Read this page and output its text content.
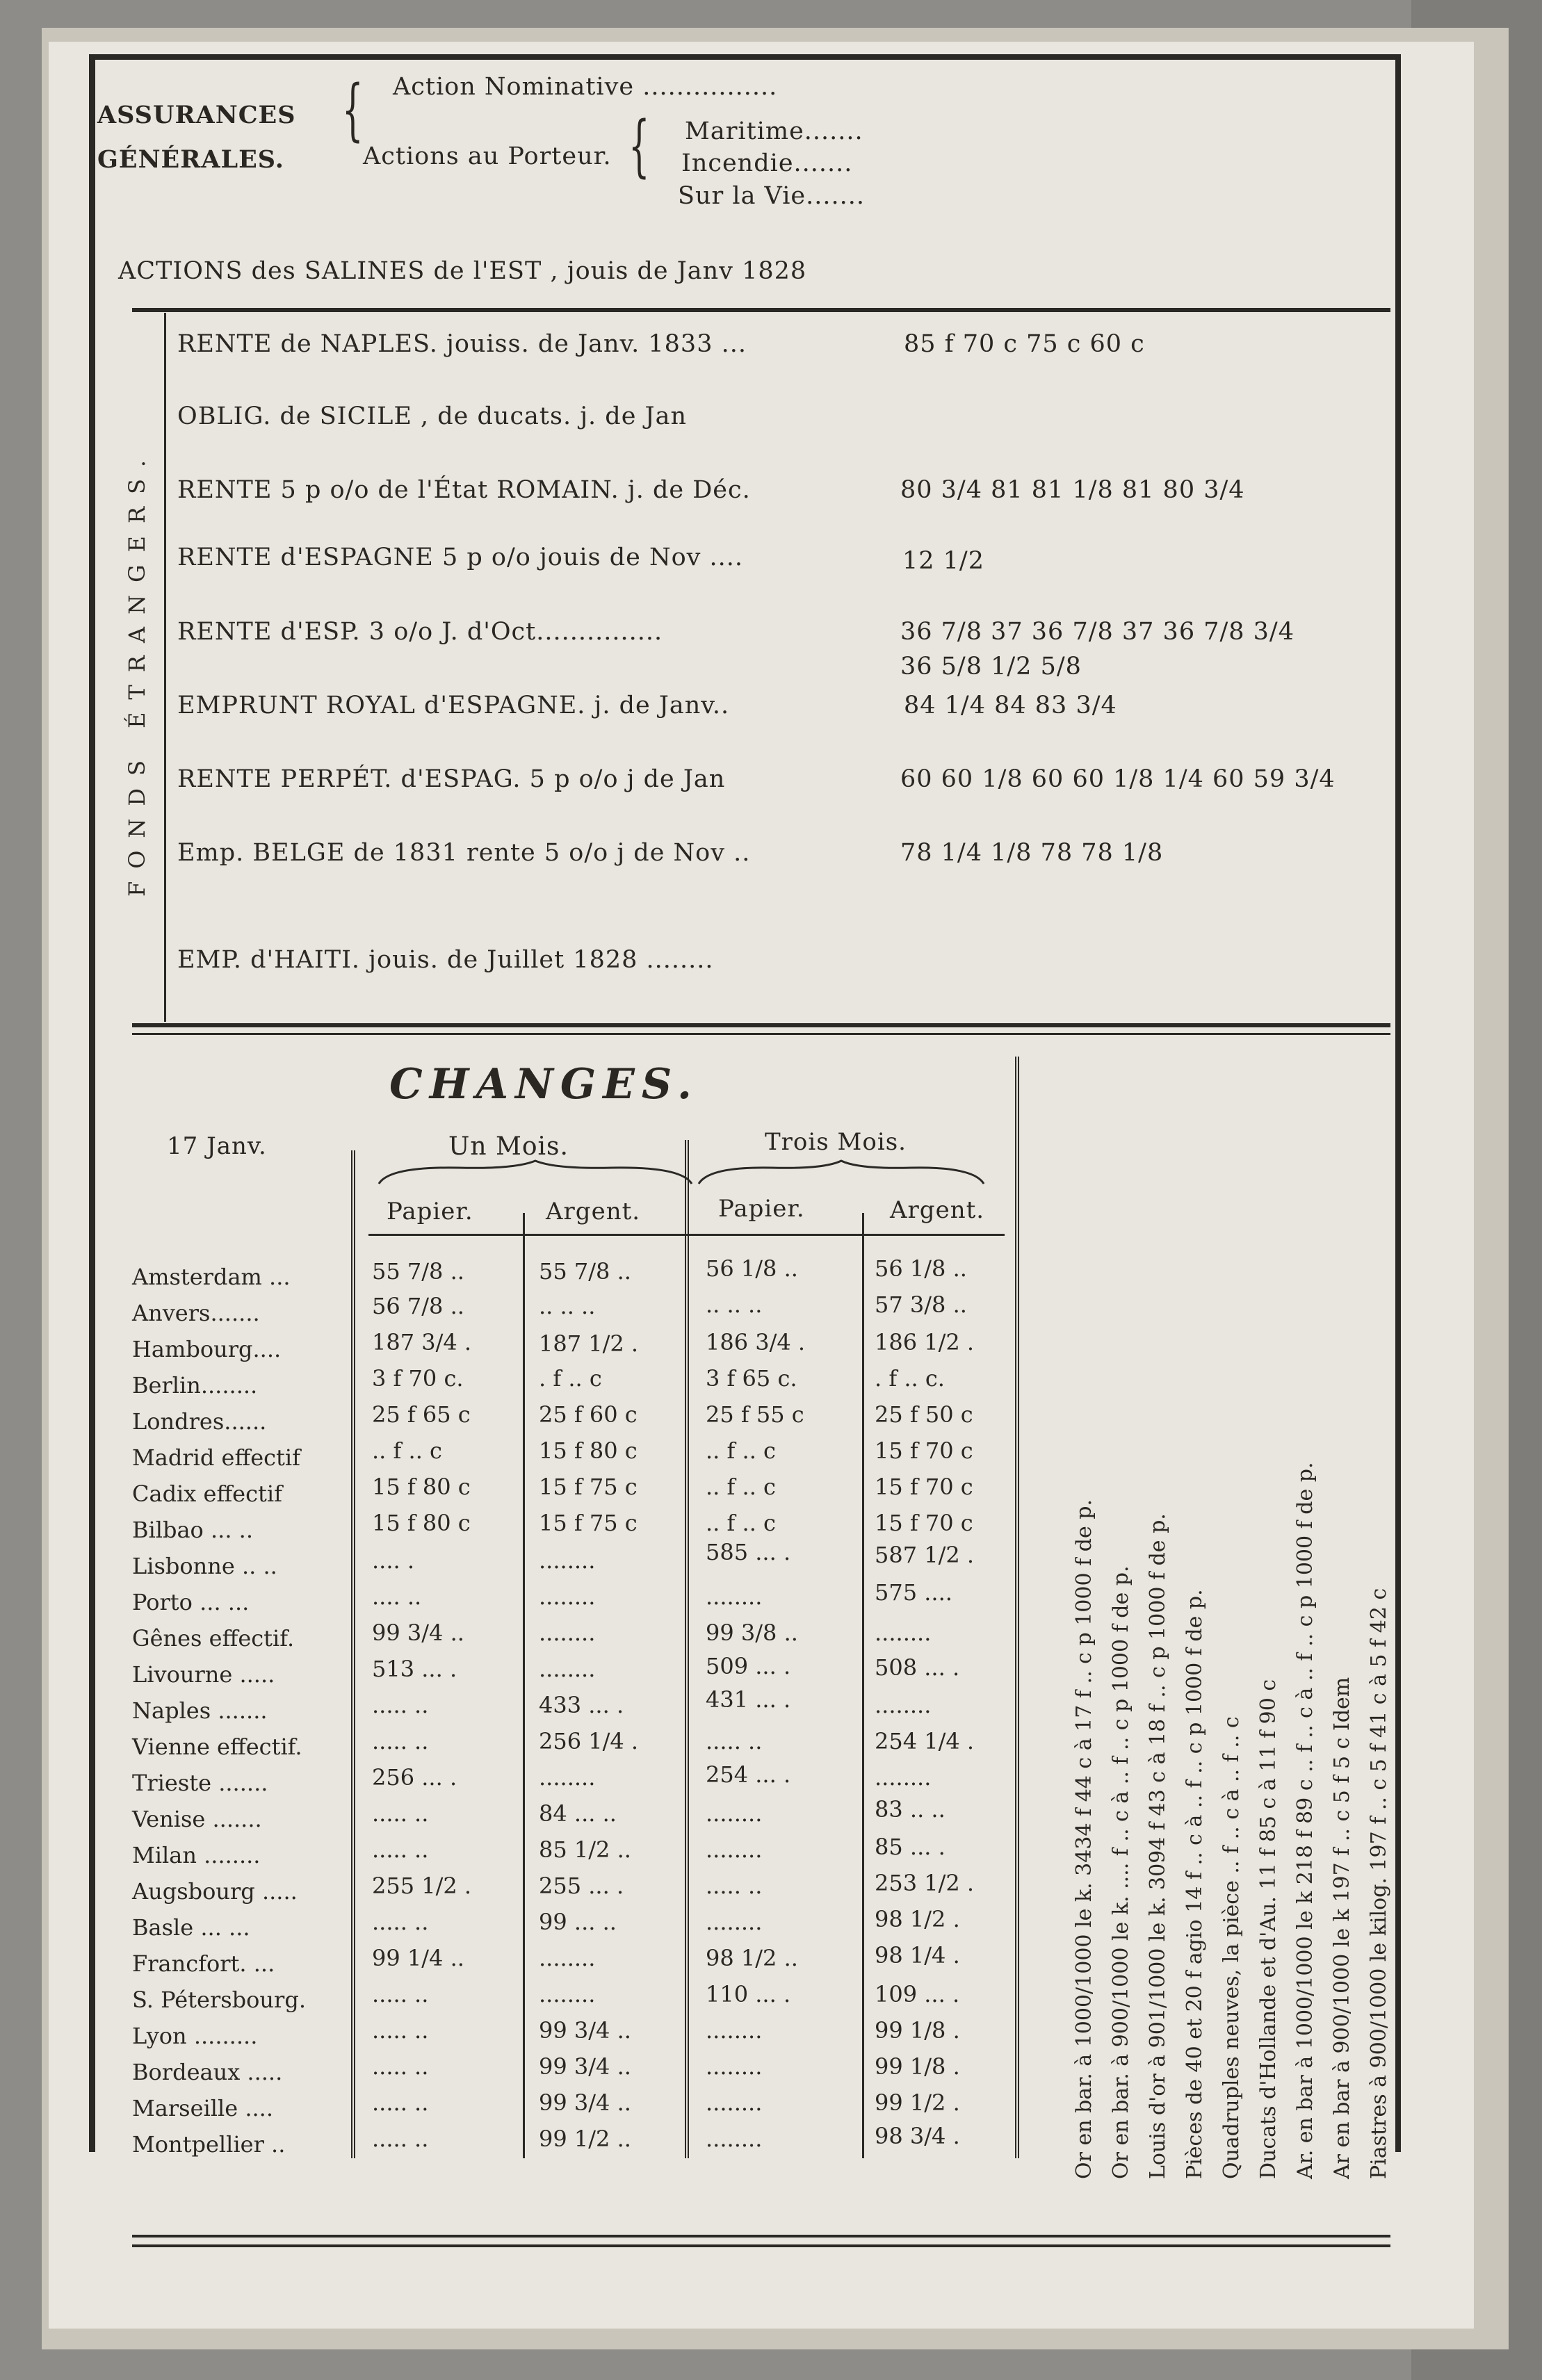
ASSURANCES
GÉNÉRALES.
{ Action Nominative ................
Actions au Porteur. { Maritime.......
Incendie.......
Sur la Vie.......
ACTIONS des SALINES de l'EST , jouis de Janv 1828
FONDS ÉTRANGERS.
RENTE de NAPLES. jouiss. de Janv. 1833 ...	85 f 70 c 75 c 60 c
OBLIG. de SICILE , de ducats. j. de Jan
RENTE 5 p o/o de l'État ROMAIN. j. de Déc.	80 3/4 81 81 1/8 81 80 3/4
RENTE d'ESPAGNE 5 p o/o jouis de Nov ....	12 1/2
RENTE d'ESP. 3 o/o J. d'Oct...............	36 7/8 37 36 7/8 37 36 7/8 3/4
36 5/8 1/2 5/8
EMPRUNT ROYAL d'ESPAGNE. j. de Janv..	84 1/4 84 83 3/4
RENTE PERPÉT. d'ESPAG. 5 p o/o j de Jan	60 60 1/8 60 60 1/8 1/4 60 59 3/4
Emp. BELGE de 1831 rente 5 o/o j de Nov ..	78 1/4 1/8 78 78 1/8
EMP. d'HAITI. jouis. de Juillet 1828 ........
CHANGES.
17 Janv.	Un Mois.	Trois Mois.
Papier.	Argent.	Papier.	Argent.
Amsterdam ...	55 7/8 ..	55 7/8 ..	56 1/8 ..	56 1/8 ..
Anvers.......	56 7/8 ..	.. .. ..	.. .. ..	57 3/8 ..
Hambourg....	187 3/4 .	187 1/2 .	186 3/4 .	186 1/2 .
Berlin........	3 f 70 c.	. f .. c	3 f 65 c.	. f .. c.
Londres......	25 f 65 c	25 f 60 c	25 f 55 c	25 f 50 c
Madrid effectif	.. f .. c	15 f 80 c	.. f .. c	15 f 70 c
Cadix effectif	15 f 80 c	15 f 75 c	.. f .. c	15 f 70 c
Bilbao ... ..	15 f 80 c	15 f 75 c	.. f .. c	15 f 70 c
Lisbonne .. ..	.... .	........	585 ... .	587 1/2 .
Porto ... ...	.... ..	........	........	575 ....
Gênes effectif.	99 3/4 ..	........	99 3/8 ..	........
Livourne .....	513 ... .	........	509 ... .	508 ... .
Naples .......	..... ..	433 ... .	431 ... .	........
Vienne effectif.	..... ..	256 1/4 .	..... ..	254 1/4 .
Trieste .......	256 ... .	........	254 ... .	........
Venise .......	..... ..	84 ... ..	........	83 .. ..
Milan ........	..... ..	85 1/2 ..	........	85 ... .
Augsbourg .....	255 1/2 .	255 ... .	..... ..	253 1/2 .
Basle ... ...	..... ..	99 ... ..	........	98 1/2 .
Francfort. ...	99 1/4 ..	........	98 1/2 ..	98 1/4 .
S. Pétersbourg.	..... ..	........	110 ... .	109 ... .
Lyon .........	..... ..	99 3/4 ..	........	99 1/8 .
Bordeaux .....	..... ..	99 3/4 ..	........	99 1/8 .
Marseille ....	..... ..	99 3/4 ..	........	99 1/2 .
Montpellier ..	..... ..	99 1/2 ..	........	98 3/4 .	Or en bar. à 1000/1000 le k. 3434 f 44 c à 17 f .. c p 1000 f de p. Or en bar. à 900/1000 le k. .... f .. c à .. f .. c p 1000 f de p. Louis d'or à 901/1000 le k. 3094 f 43 c à 18 f .. c p 1000 f de p. Pièces de 40 et 20 f agio 14 f .. c à .. f .. c p 1000 f de p. Quadruples neuves, la pièce .. f .. c à .. f .. c Ducats d'Hollande et d'Au. 11 f 85 c à 11 f 90 c Ar. en bar à 1000/1000 le k 218 f 89 c .. f .. c à .. f .. c p 1000 f de p. Ar en bar à 900/1000 le k 197 f .. c 5 f 5 c Idem Piastres à 900/1000 le kilog. 197 f .. c 5 f 41 c à 5 f 42 c
